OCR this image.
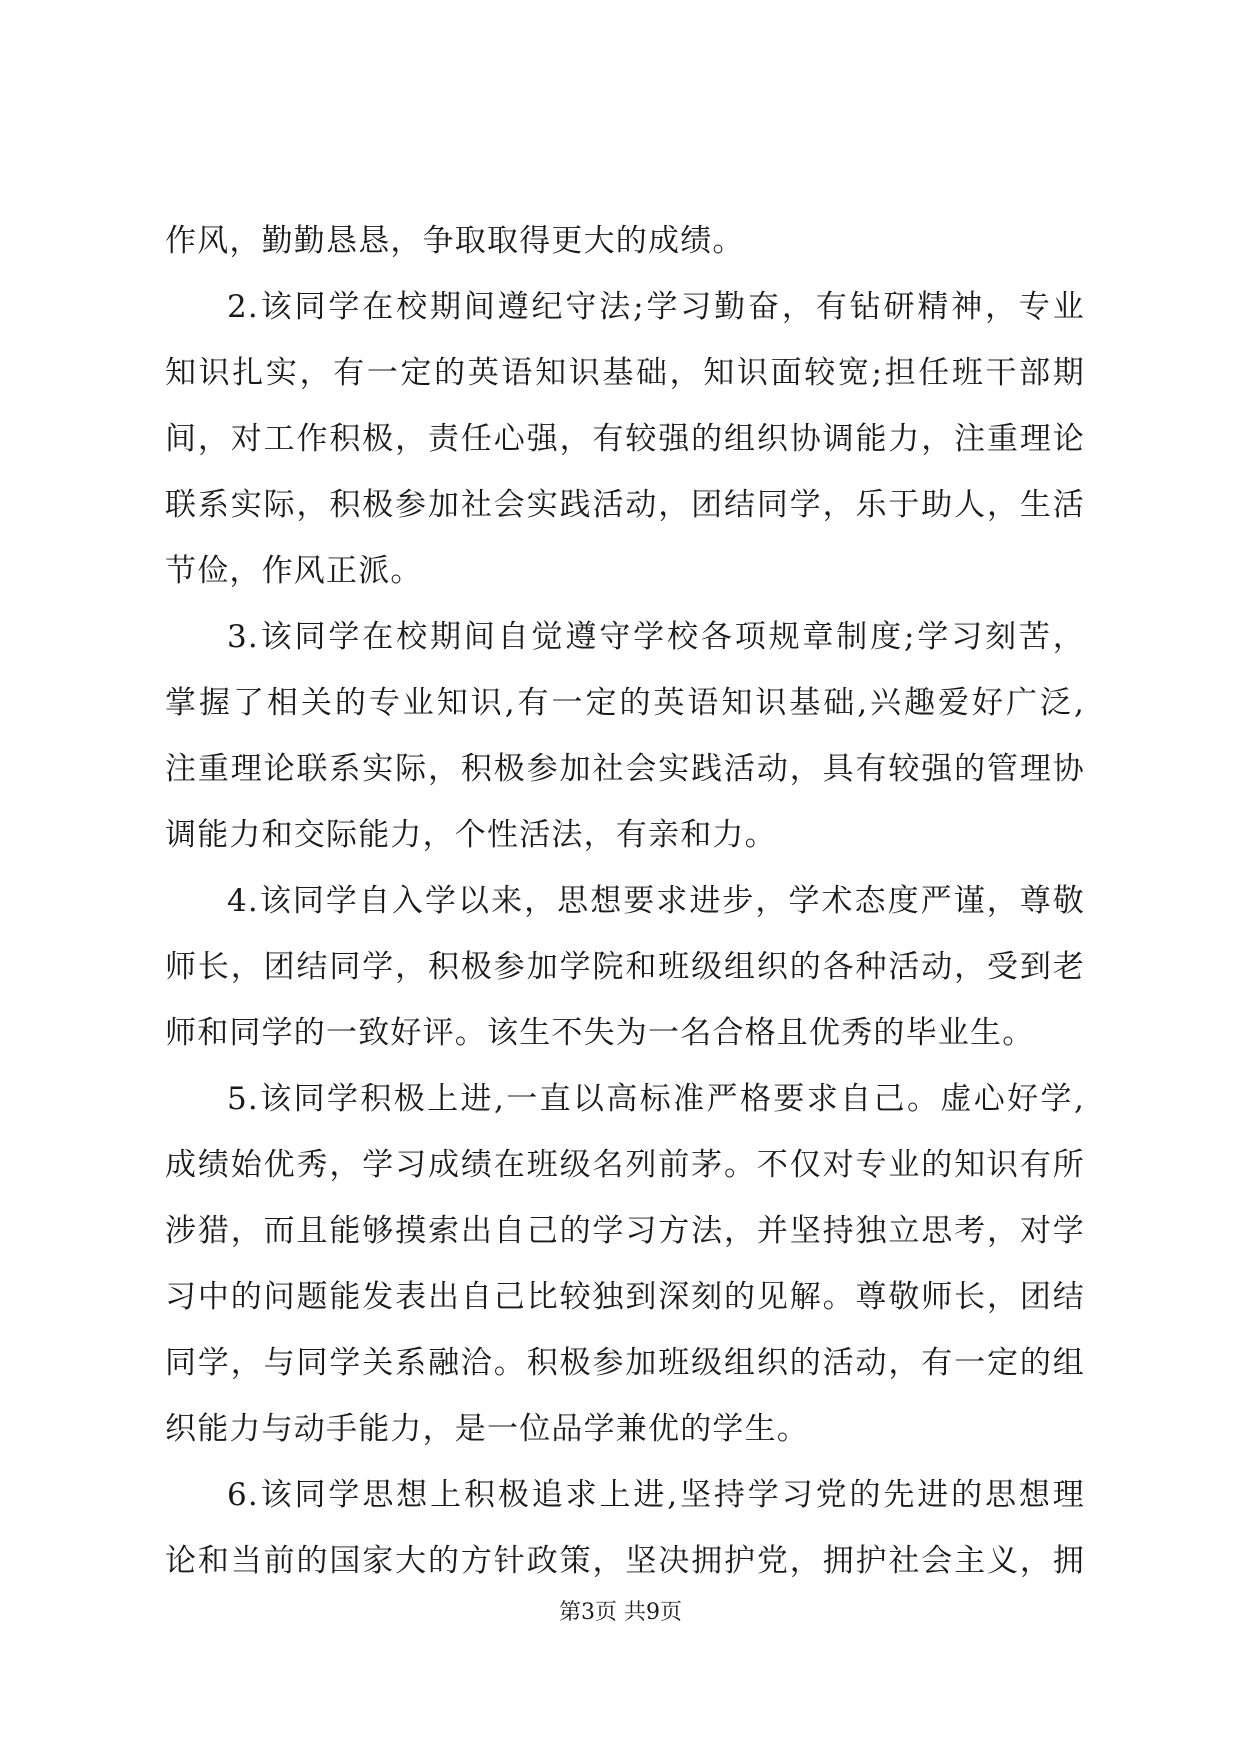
作风，勤勤恳恳，争取取得更大的成绩。
2.该同学在校期间遵纪守法;学习勤奋，有钻研精神，专业
知识扎实，有一定的英语知识基础，知识面较宽;担任班干部期
间，对工作积极，责任心强，有较强的组织协调能力，注重理论
联系实际，积极参加社会实践活动，团结同学，乐于助人，生活
节俭，作风正派。
3.该同学在校期间自觉遵守学校各项规章制度;学习刻苦，
掌握了相关的专业知识,有一定的英语知识基础,兴趣爱好广泛,
注重理论联系实际，积极参加社会实践活动，具有较强的管理协
调能力和交际能力，个性活法，有亲和力。
4.该同学自入学以来，思想要求进步，学术态度严谨，尊敬
师长，团结同学，积极参加学院和班级组织的各种活动，受到老
师和同学的一致好评。该生不失为一名合格且优秀的毕业生。
5.该同学积极上进,一直以高标准严格要求自己。虚心好学,
成绩始优秀，学习成绩在班级名列前茅。不仅对专业的知识有所
涉猎，而且能够摸索出自己的学习方法，并坚持独立思考，对学
习中的问题能发表出自己比较独到深刻的见解。尊敬师长，团结
同学，与同学关系融洽。积极参加班级组织的活动，有一定的组
织能力与动手能力，是一位品学兼优的学生。
6.该同学思想上积极追求上进,坚持学习党的先进的思想理
论和当前的国家大的方针政策，坚决拥护党，拥护社会主义，拥
第3页 共9页
